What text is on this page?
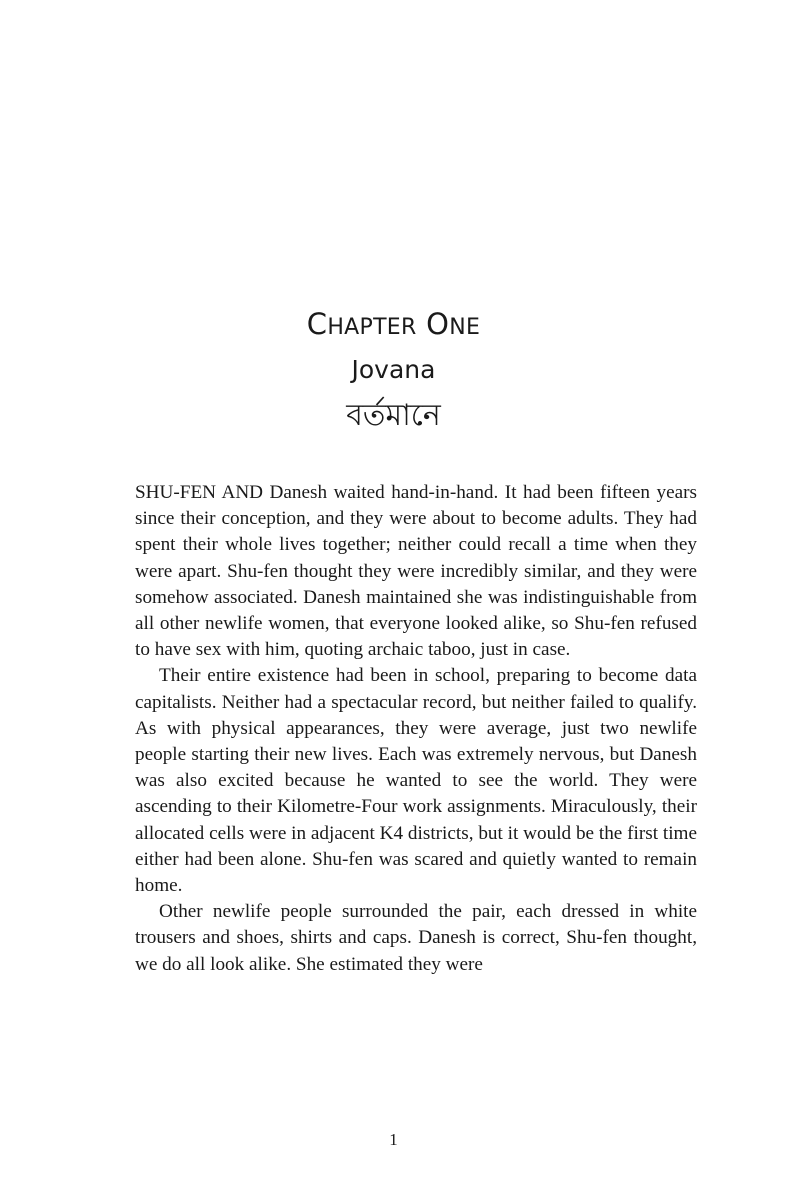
CHAPTER ONE
Jovana
বর্তমানে

SHU-FEN AND Danesh waited hand-in-hand. It had been fifteen years since their conception, and they were about to become adults. They had spent their whole lives together; neither could recall a time when they were apart. Shu-fen thought they were incredibly similar, and they were somehow associated. Danesh maintained she was indistinguishable from all other newlife women, that everyone looked alike, so Shu-fen refused to have sex with him, quoting archaic taboo, just in case.

Their entire existence had been in school, preparing to become data capitalists. Neither had a spectacular record, but neither failed to qualify. As with physical appearances, they were average, just two newlife people starting their new lives. Each was extremely nervous, but Danesh was also excited because he wanted to see the world. They were ascending to their Kilometre-Four work assignments. Miraculously, their allocated cells were in adjacent K4 districts, but it would be the first time either had been alone. Shu-fen was scared and quietly wanted to remain home.

Other newlife people surrounded the pair, each dressed in white trousers and shoes, shirts and caps. Danesh is correct, Shu-fen thought, we do all look alike. She estimated they were

1
